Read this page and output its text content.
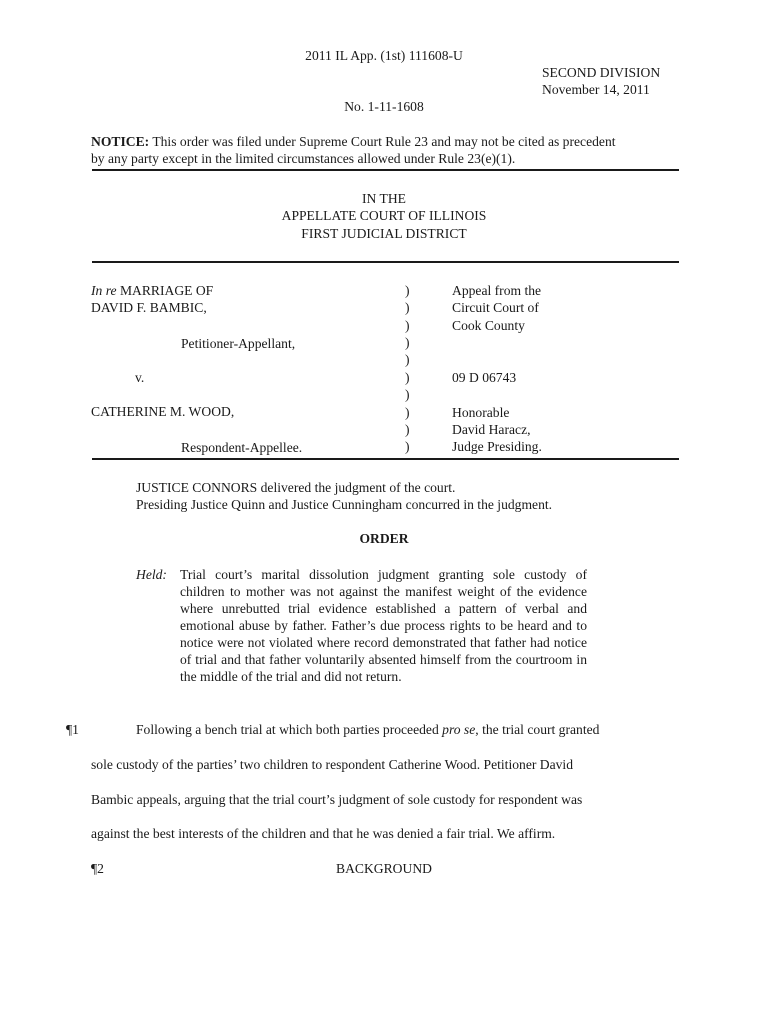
2011 IL App. (1st) 111608-U
SECOND DIVISION
November 14, 2011
No. 1-11-1608
NOTICE: This order was filed under Supreme Court Rule 23 and may not be cited as precedent
by any party except in the limited circumstances allowed under Rule 23(e)(1).
IN THE
APPELLATE COURT OF ILLINOIS
FIRST JUDICIAL DISTRICT
In re MARRIAGE OF
DAVID F. BAMBIC,
Petitioner-Appellant,
v.
CATHERINE M. WOOD,
Respondent-Appellee.
)
)
)
)
)
)
)
)
)
)
Appeal from the
Circuit Court of
Cook County
09 D 06743
Honorable
David Haracz,
Judge Presiding.
JUSTICE CONNORS delivered the judgment of the court.
Presiding Justice Quinn and Justice Cunningham concurred in the judgment.
ORDER
Held: Trial court’s marital dissolution judgment granting sole custody of children to mother was not against the manifest weight of the evidence where unrebutted trial evidence established a pattern of verbal and emotional abuse by father. Father’s due process rights to be heard and to notice were not violated where record demonstrated that father had notice of trial and that father voluntarily absented himself from the courtroom in the middle of the trial and did not return.

¶1	Following a bench trial at which both parties proceeded pro se, the trial court granted
sole custody of the parties’ two children to respondent Catherine Wood. Petitioner David
Bambic appeals, arguing that the trial court’s judgment of sole custody for respondent was
against the best interests of the children and that he was denied a fair trial. We affirm.
¶2	BACKGROUND
